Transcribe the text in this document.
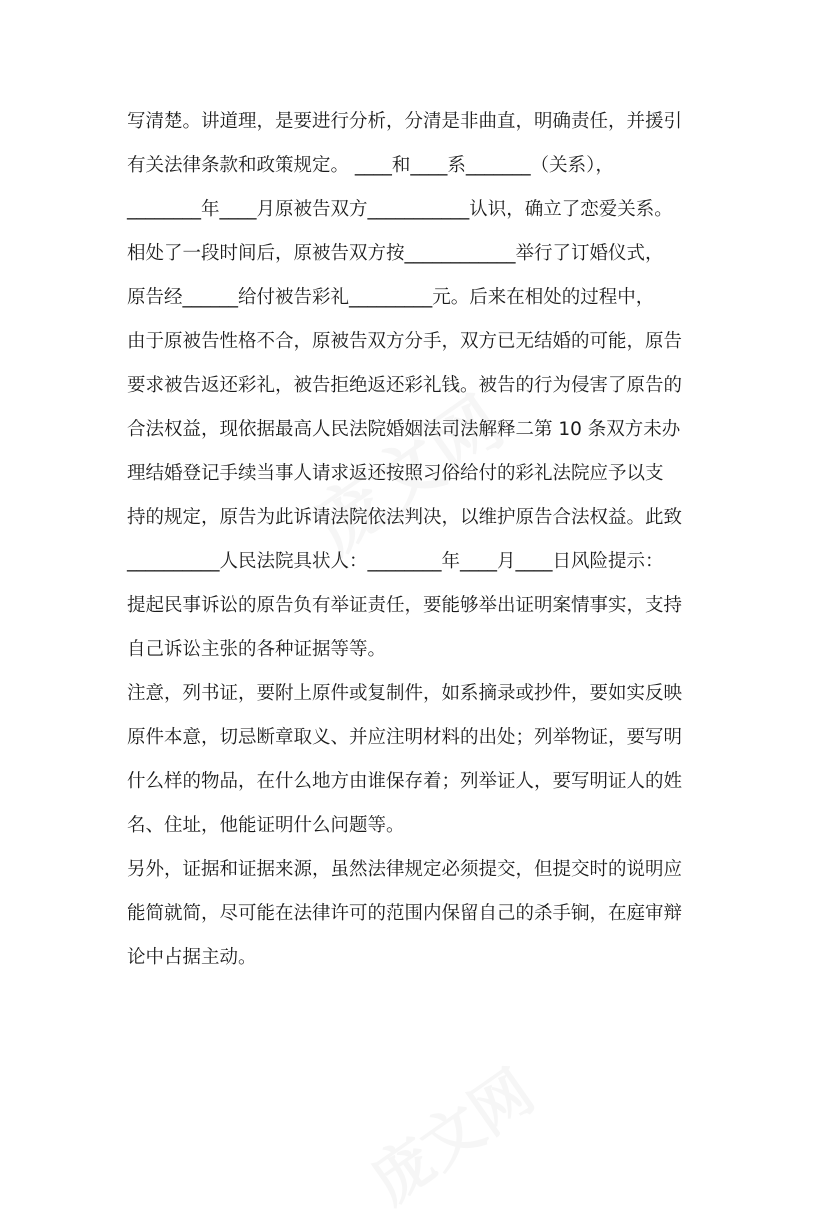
写清楚。讲道理，是要进行分析，分清是非曲直，明确责任，并援引
有关法律条款和政策规定。 ____和____系_______（关系），
________年____月原被告双方___________认识，确立了恋爱关系。
相处了一段时间后，原被告双方按____________举行了订婚仪式，
原告经______给付被告彩礼_________元。后来在相处的过程中，
由于原被告性格不合，原被告双方分手，双方已无结婚的可能，原告
要求被告返还彩礼，被告拒绝返还彩礼钱。被告的行为侵害了原告的
合法权益，现依据最高人民法院婚姻法司法解释二第 10 条双方未办
理结婚登记手续当事人请求返还按照习俗给付的彩礼法院应予以支
持的规定，原告为此诉请法院依法判决，以维护原告合法权益。此致
__________人民法院具状人：________年____月____日风险提示：
提起民事诉讼的原告负有举证责任，要能够举出证明案情事实，支持
自己诉讼主张的各种证据等等。
注意，列书证，要附上原件或复制件，如系摘录或抄件，要如实反映
原件本意，切忌断章取义、并应注明材料的出处；列举物证，要写明
什么样的物品，在什么地方由谁保存着；列举证人，要写明证人的姓
名、住址，他能证明什么问题等。
另外，证据和证据来源，虽然法律规定必须提交，但提交时的说明应
能简就简，尽可能在法律许可的范围内保留自己的杀手锏，在庭审辩
论中占据主动。
